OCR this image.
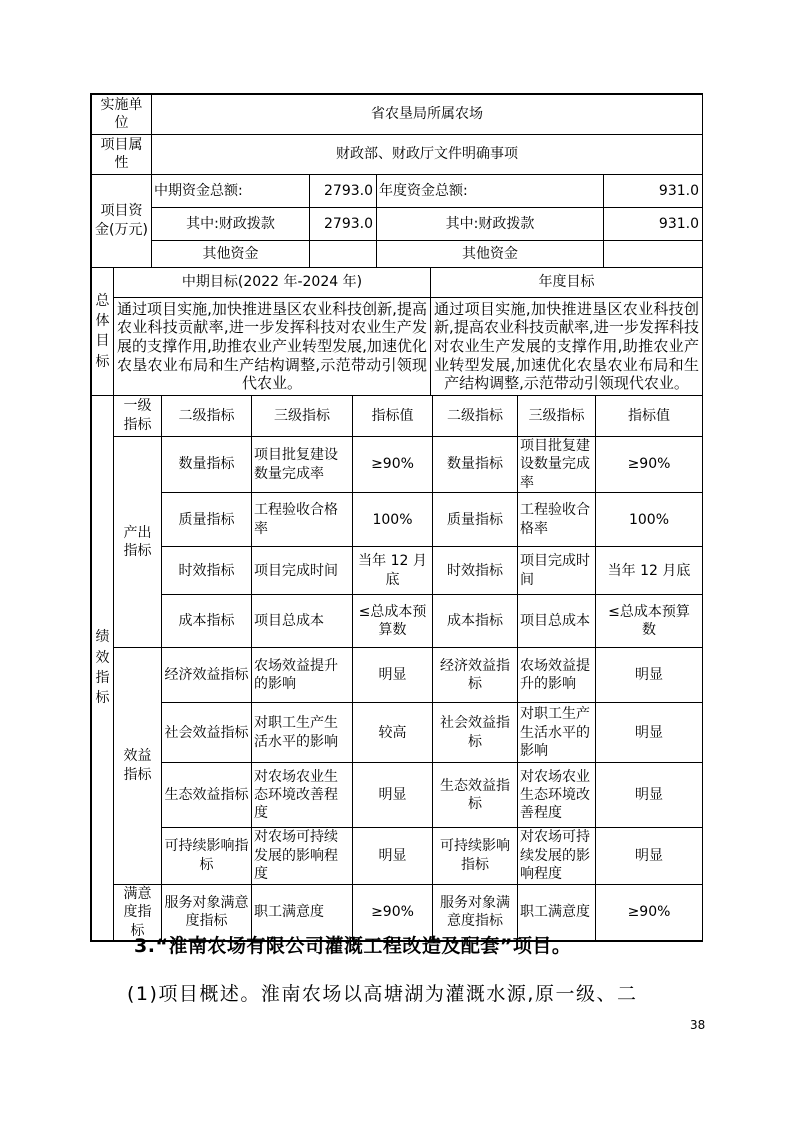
实施单位	省农垦局所属农场			
项目属性	财政部、财政厅文件明确事项			
项目资金(万元)	中期资金总额:	2793.0	年度资金总额:	931.0
	其中:财政拨款	2793.0	其中:财政拨款	931.0
	其他资金		其他资金	
总体目标	中期目标(2022 年-2024 年)	年度目标
	通过项目实施,加快推进垦区农业科技创新,提高农业科技贡献率,进一步发挥科技对农业生产发展的支撑作用,助推农业产业转型发展,加速优化农垦农业布局和生产结构调整,示范带动引领现代农业。	通过项目实施,加快推进垦区农业科技创新,提高农业科技贡献率,进一步发挥科技对农业生产发展的支撑作用,助推农业产业转型发展,加速优化农垦农业布局和生产结构调整,示范带动引领现代农业。
绩效指标	一级指标	二级指标	三级指标	指标值	二级指标	三级指标	指标值
	产出指标	数量指标	项目批复建设数量完成率	≥90%	数量指标	项目批复建设数量完成率	≥90%
		质量指标	工程验收合格率	100%	质量指标	工程验收合格率	100%
		时效指标	项目完成时间	当年 12 月底	时效指标	项目完成时间	当年 12 月底
		成本指标	项目总成本	≤总成本预算数	成本指标	项目总成本	≤总成本预算数
	效益指标	经济效益指标	农场效益提升的影响	明显	经济效益指标	农场效益提升的影响	明显
		社会效益指标	对职工生产生活水平的影响	较高	社会效益指标	对职工生产生活水平的影响	明显
		生态效益指标	对农场农业生态环境改善程度	明显	生态效益指标	对农场农业生态环境改善程度	明显
		可持续影响指标	对农场可持续发展的影响程度	明显	可持续影响指标	对农场可持续发展的影响程度	明显
	满意度指标	服务对象满意度指标	职工满意度	≥90%	服务对象满意度指标	职工满意度	≥90%
3.“淮南农场有限公司灌溉工程改造及配套”项目。
(1)项目概述。淮南农场以高塘湖为灌溉水源,原一级、二
38
